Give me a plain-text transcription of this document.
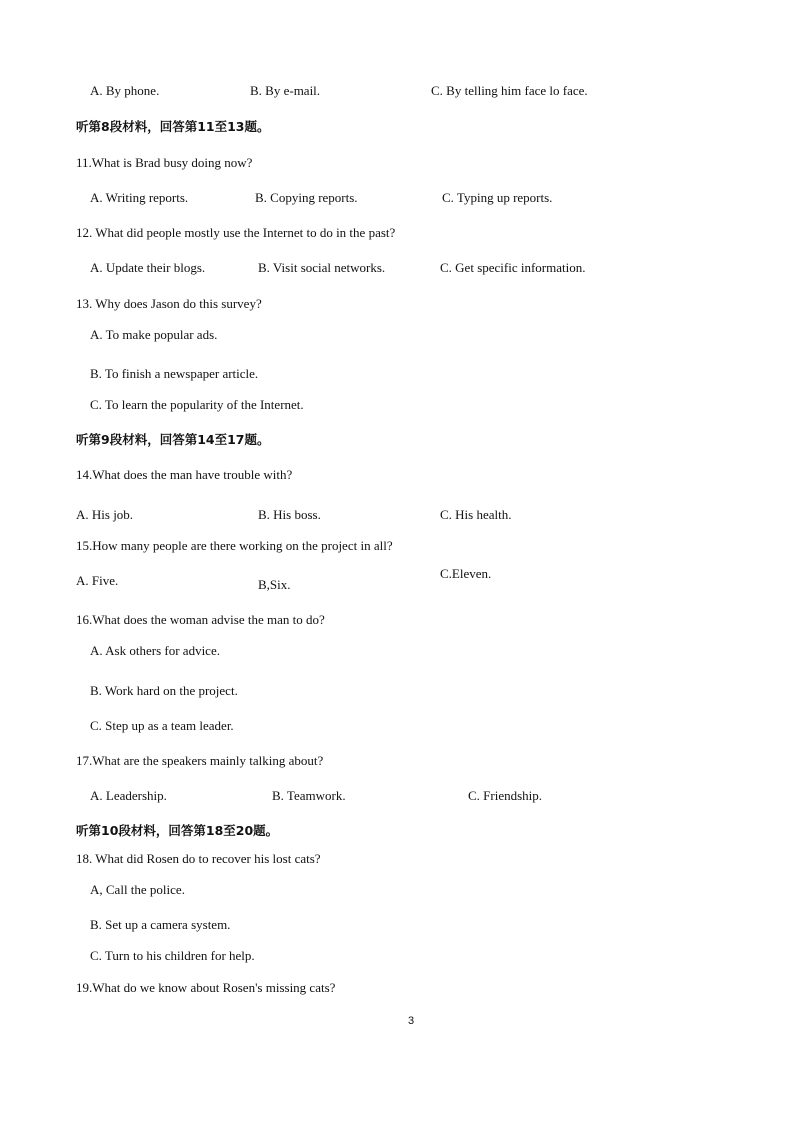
A. By phone.	B. By e-mail.	C. By telling him face lo face.
听第8段材料，回答第11至13题。
11.What is Brad busy doing now?
A. Writing reports.	B. Copying reports.	C. Typing up reports.
12. What did people mostly use the Internet to do in the past?
A. Update their blogs.	B. Visit social networks.	C. Get specific information.
13. Why does Jason do this survey?
A. To make popular ads.
B. To finish a newspaper article.
C. To learn the popularity of the Internet.
听第9段材料，回答第14至17题。
14.What does the man have trouble with?
A. His job.	B. His boss.	C. His health.
15.How many people are there working on the project in all?
A. Five.	B,Six.
C.Eleven.
16.What does the woman advise the man to do?
A. Ask others for advice.
B. Work hard on the project.
C. Step up as a team leader.
17.What are the speakers mainly talking about?
A. Leadership.	B. Teamwork.	C. Friendship.
听第10段材料，回答第18至20题。
18. What did Rosen do to recover his lost cats?
A, Call the police.
B. Set up a camera system.
C. Turn to his children for help.
19.What do we know about Rosen's missing cats?
3
